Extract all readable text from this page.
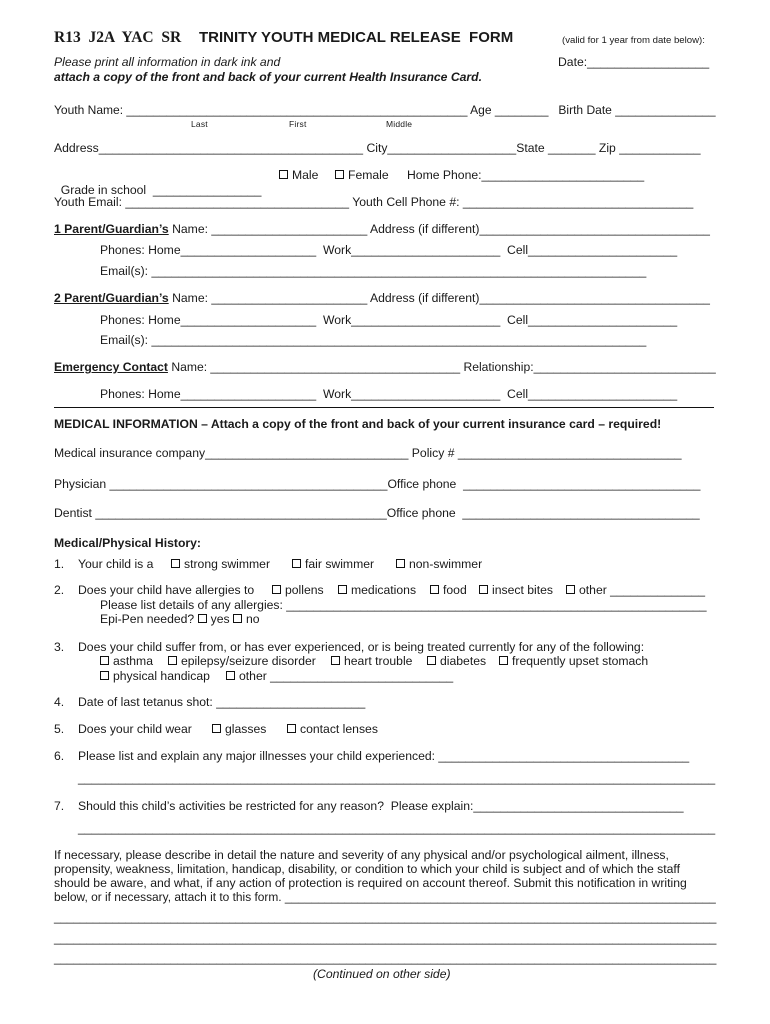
R13  J2A  YAC  SR TRINITY YOUTH MEDICAL RELEASE  FORM	(valid for 1 year from date below):
Please print all information in dark ink and	Date:__________________
attach a copy of the front and back of your current Health Insurance Card.
Youth Name: ___________________________________________________ Age ________   Birth Date _______________
Last	First	Middle
Address_______________________________________ City___________________State _______ Zip ____________

Grade in school  ________________

Male	Female Home Phone:________________________
Youth Email: _________________________________ Youth Cell Phone #: __________________________________
1 Parent/Guardian’s Name: _______________________ Address (if different)__________________________________
Phones: Home____________________  Work______________________  Cell______________________
Email(s): _________________________________________________________________________
2 Parent/Guardian’s Name: _______________________ Address (if different)__________________________________
Phones: Home____________________  Work______________________  Cell______________________
Email(s): _________________________________________________________________________
Emergency Contact Name: _____________________________________ Relationship:___________________________
Phones: Home____________________  Work______________________  Cell______________________
MEDICAL INFORMATION – Attach a copy of the front and back of your current insurance card – required!
Medical insurance company______________________________ Policy # _________________________________
Physician _________________________________________Office phone  ___________________________________
Dentist ___________________________________________Office phone  ___________________________________
Medical/Physical History:
1. Your child is a	strong swimmer	fair swimmer	non-swimmer
2. Does your child have allergies to	pollens	medications	food	insect bites	other ______________
Please list details of any allergies: ______________________________________________________________
Epi-Pen needed? yes no
3. Does your child suffer from, or has ever experienced, or is being treated currently for any of the following:
asthma	epilepsy/seizure disorder	heart trouble	diabetes	frequently upset stomach
physical handicap	other ___________________________
4. Date of last tetanus shot: ______________________
5. Does your child wear	glasses	contact lenses
6. Please list and explain any major illnesses your child experienced: _____________________________________
______________________________________________________________________________________________
7. Should this child’s activities be restricted for any reason?  Please explain:_______________________________
______________________________________________________________________________________________
If necessary, please describe in detail the nature and severity of any physical and/or psychological ailment, illness,
propensity, weakness, limitation, handicap, disability, or condition to which your child is subject and of which the staff
should be aware, and what, if any action of protection is required on account thereof. Submit this notification in writing
below, or if necessary, attach it to this form. _________________________________________________________________
______________________________________________________________________________________________________
______________________________________________________________________________________________________
______________________________________________________________________________________________________
(Continued on other side)
